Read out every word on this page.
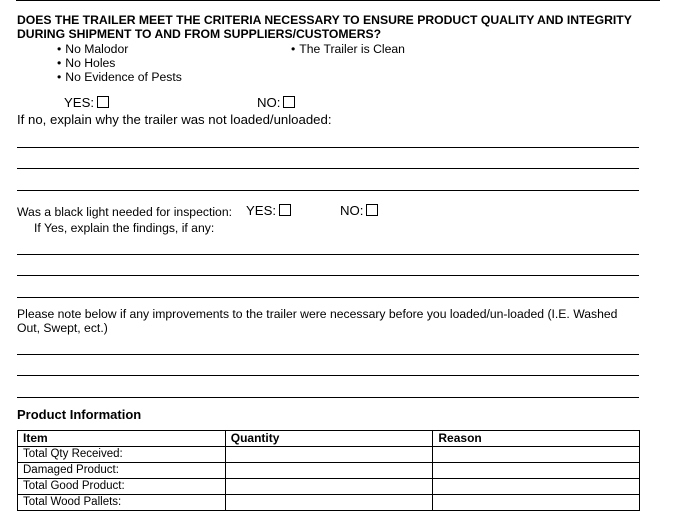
DOES THE TRAILER MEET THE CRITERIA NECESSARY TO ENSURE PRODUCT QUALITY AND INTEGRITY DURING SHIPMENT TO AND FROM SUPPLIERS/CUSTOMERS?
• No Malodor
• No Holes
• No Evidence of Pests
• The Trailer is Clean
YES:	NO:
If no, explain why the trailer was not loaded/unloaded:
Was a black light needed for inspection: YES:	NO:
If Yes, explain the findings, if any:
Please note below if any improvements to the trailer were necessary before you loaded/un-loaded (I.E. Washed Out, Swept, ect.)
Product Information
Item	Quantity	Reason
Total Qty Received:		
Damaged Product:		
Total Good Product:		
Total Wood Pallets:		
